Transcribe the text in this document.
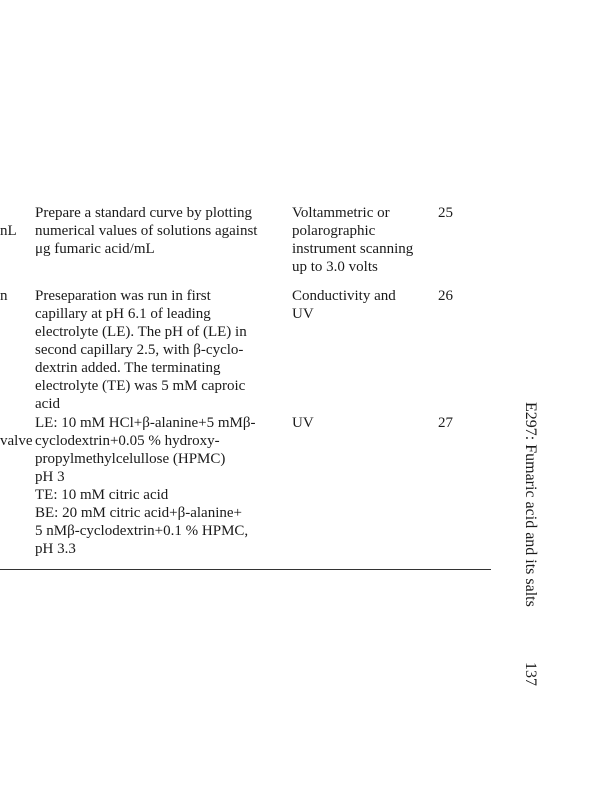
nL
Prepare a standard curve by plotting
numerical values of solutions against
μg fumaric acid/mL
Voltammetric or
polarographic
instrument scanning
up to 3.0 volts
25
n Preseparation was run in first
capillary at pH 6.1 of leading
electrolyte (LE). The pH of (LE) in
second capillary 2.5, with β-cyclo-
dextrin added. The terminating
electrolyte (TE) was 5 mM caproic
acid
Conductivity and
UV
26
valve
LE: 10 mM HCl+β-alanine+5 mMβ-
cyclodextrin+0.05 % hydroxy-
propylmethylcelullose (HPMC)
pH 3
TE: 10 mM citric acid
BE: 20 mM citric acid+β-alanine+
5 nMβ-cyclodextrin+0.1 % HPMC,
pH 3.3
UV	27	E297: Fumaric acid and its salts
137
